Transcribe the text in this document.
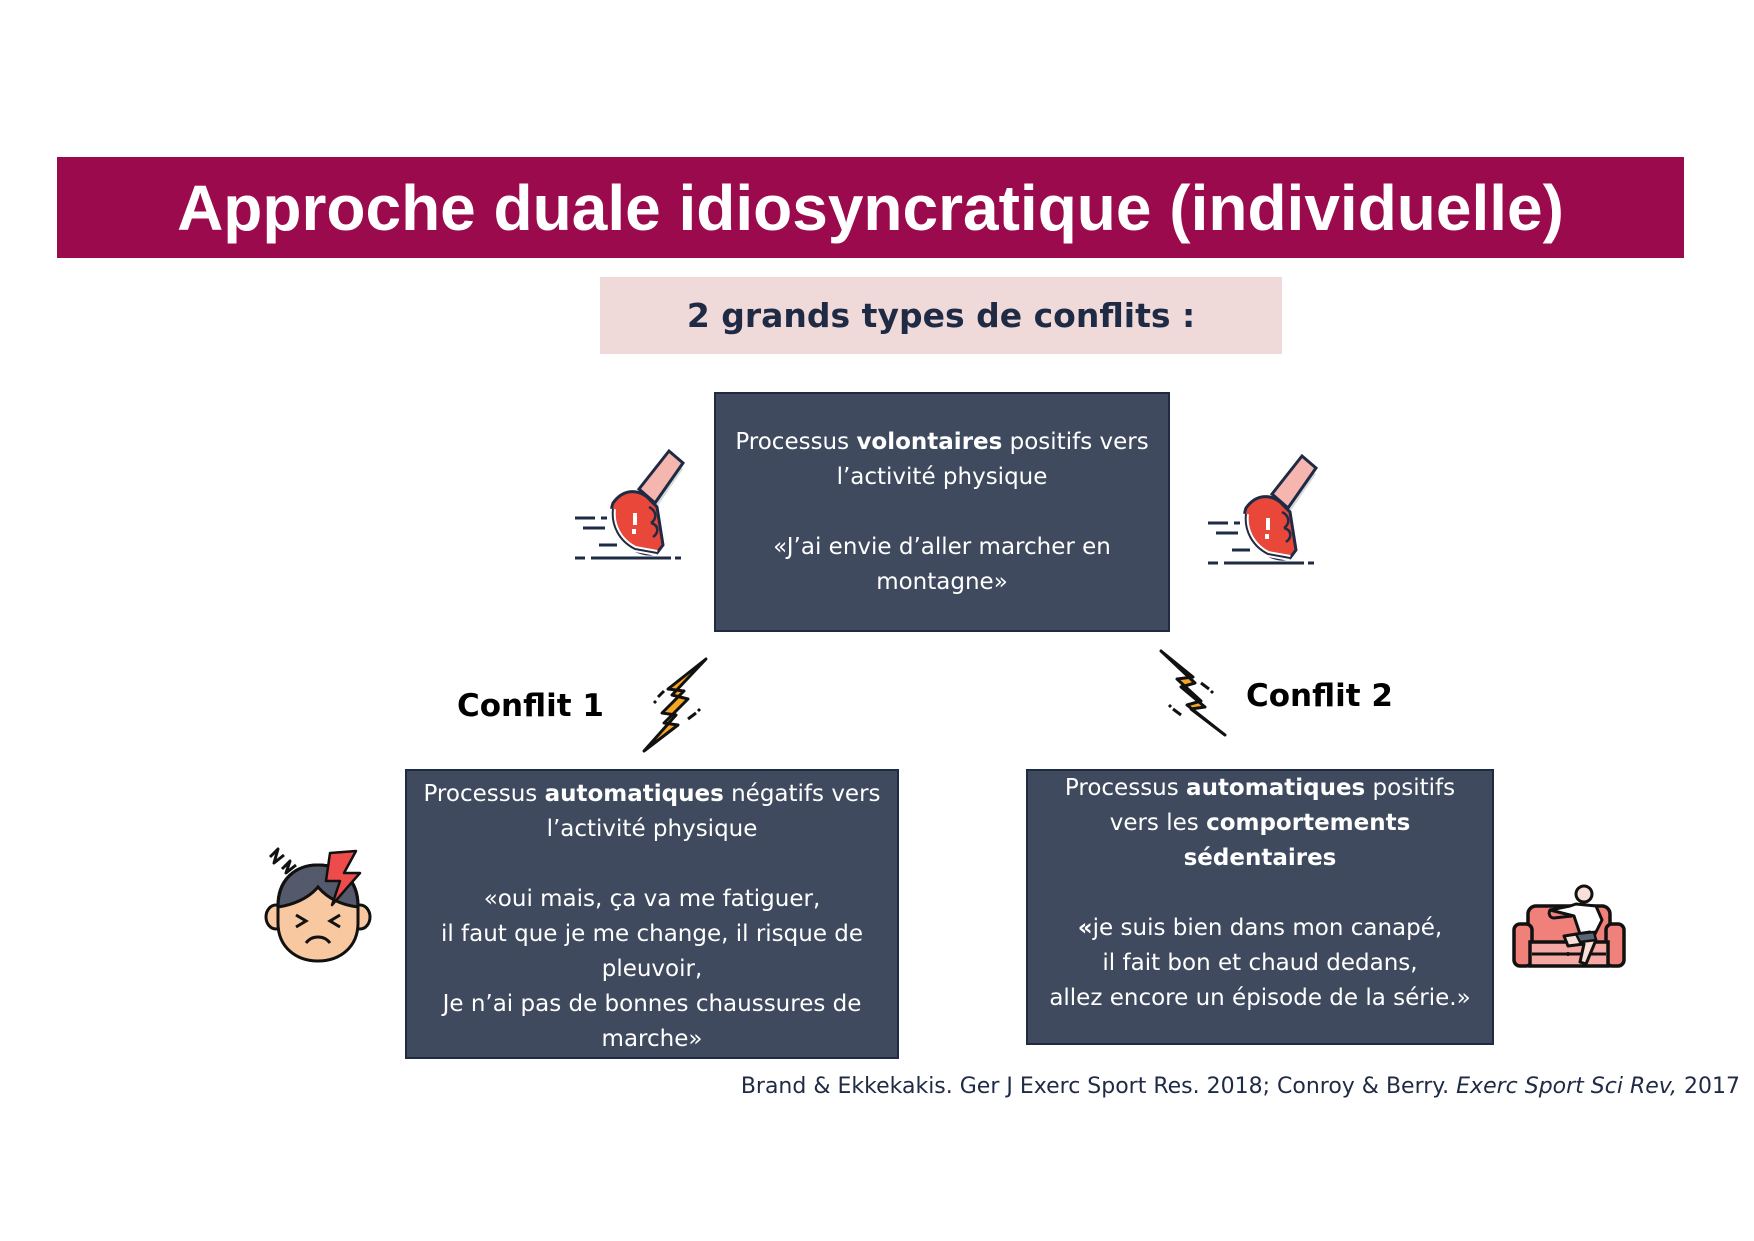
Approche duale idiosyncratique (individuelle)
2 grands types de conflits :
Processus volontaires positifs vers
l’activité physique
«J’ai envie d’aller marcher en
montagne»
Conflit 1	Conflit 2
Processus automatiques négatifs vers
l’activité physique
«oui mais, ça va me fatiguer,
il faut que je me change, il risque de
pleuvoir,
Je n’ai pas de bonnes chaussures de
marche»
Processus automatiques positifs
vers les comportements
sédentaires
«je suis bien dans mon canapé,
il fait bon et chaud dedans,
allez encore un épisode de la série.»
Brand & Ekkekakis. Ger J Exerc Sport Res. 2018; Conroy & Berry. Exerc Sport Sci Rev, 2017
